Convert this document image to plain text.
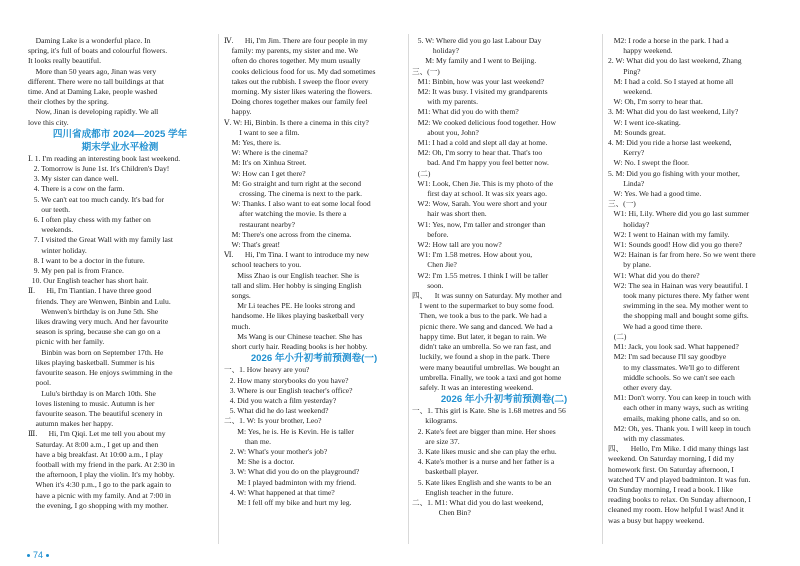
Daming Lake is a wonderful place. In
spring, it's full of boats and colourful flowers.
It looks really beautiful.
More than 50 years ago, Jinan was very
different. There were no tall buildings at that
time. And at Daming Lake, people washed
their clothes by the spring.
Now, Jinan is developing rapidly. We all
love this city.
四川省成都市 2024—2025 学年
期末学业水平检测
Ⅰ. 1. I'm reading an interesting book last weekend.
2. Tomorrow is June 1st. It's Children's Day!
3. My sister can dance well.
4. There is a cow on the farm.
5. We can't eat too much candy. It's bad for
our teeth.
6. I often play chess with my father on
weekends.
7. I visited the Great Wall with my family last
winter holiday.
8. I want to be a doctor in the future.
9. My pen pal is from France.
10. Our English teacher has short hair.
Ⅱ.      Hi, I'm Tiantian. I have three good
friends. They are Wenwen, Binbin and Lulu.
Wenwen's birthday is on June 5th. She
likes drawing very much. And her favourite
season is spring, because she can go on a
picnic with her family.
Binbin was born on September 17th. He
likes playing basketball. Summer is his
favourite season. He enjoys swimming in the
pool.
Lulu's birthday is on March 10th. She
loves listening to music. Autumn is her
favourite season. The beautiful scenery in
autumn makes her happy.
Ⅲ.      Hi, I'm Qiqi. Let me tell you about my
Saturday. At 8:00 a.m., I get up and then
have a big breakfast. At 10:00 a.m., I play
football with my friend in the park. At 2:30 in
the afternoon, I play the violin. It's my hobby.
When it's 4:30 p.m., I go to the park again to
have a picnic with my family. And at 7:00 in
the evening, I go shopping with my mother.
Ⅳ.      Hi, I'm Jim. There are four people in my
family: my parents, my sister and me. We
often do chores together. My mum usually
cooks delicious food for us. My dad sometimes
takes out the rubbish. I sweep the floor every
morning. My sister likes watering the flowers.
Doing chores together makes our family feel
happy.
Ⅴ. W: Hi, Binbin. Is there a cinema in this city?
I want to see a film.
M: Yes, there is.
W: Where is the cinema?
M: It's on Xinhua Street.
W: How can I get there?
M: Go straight and turn right at the second
crossing. The cinema is next to the park.
W: Thanks. I also want to eat some local food
after watching the movie. Is there a
restaurant nearby?
M: There's one across from the cinema.
W: That's great!
Ⅵ.      Hi, I'm Tina. I want to introduce my new
school teachers to you.
Miss Zhao is our English teacher. She is
tall and slim. Her hobby is singing English
songs.
Mr Li teaches PE. He looks strong and
handsome. He likes playing basketball very
much.
Ms Wang is our Chinese teacher. She has
short curly hair. Reading books is her hobby.
2026 年小升初考前预测卷(一)
一、1. How heavy are you?
2. How many storybooks do you have?
3. Where is our English teacher's office?
4. Did you watch a film yesterday?
5. What did he do last weekend?
二、1. W: Is your brother, Leo?
M: Yes, he is. He is Kevin. He is taller
than me.
2. W: What's your mother's job?
M: She is a doctor.
3. W: What did you do on the playground?
M: I played badminton with my friend.
4. W: What happened at that time?
M: I fell off my bike and hurt my leg.
5. W: Where did you go last Labour Day
holiday?
M: My family and I went to Beijing.
三、(一)
M1: Binbin, how was your last weekend?
M2: It was busy. I visited my grandparents
with my parents.
M1: What did you do with them?
M2: We cooked delicious food together. How
about you, John?
M1: I had a cold and slept all day at home.
M2: Oh, I'm sorry to hear that. That's too
bad. And I'm happy you feel better now.
(二)
W1: Look, Chen Jie. This is my photo of the
first day at school. It was six years ago.
W2: Wow, Sarah. You were short and your
hair was short then.
W1: Yes, now, I'm taller and stronger than
before.
W2: How tall are you now?
W1: I'm 1.58 metres. How about you,
Chen Jie?
W2: I'm 1.55 metres. I think I will be taller
soon.
四、    It was sunny on Saturday. My mother and
I went to the supermarket to buy some food.
Then, we took a bus to the park. We had a
picnic there. We sang and danced. We had a
happy time. But later, it began to rain. We
didn't take an umbrella. So we ran fast, and
luckily, we found a shop in the park. There
were many beautiful umbrellas. We bought an
umbrella. Finally, we took a taxi and got home
safely. It was an interesting weekend.
2026 年小升初考前预测卷(二)
一、1. This girl is Kate. She is 1.68 metres and 56
kilograms.
2. Kate's feet are bigger than mine. Her shoes
are size 37.
3. Kate likes music and she can play the erhu.
4. Kate's mother is a nurse and her father is a
basketball player.
5. Kate likes English and she wants to be an
English teacher in the future.
二、1. M1: What did you do last weekend,
Chen Bin?
M2: I rode a horse in the park. I had a
happy weekend.
2. W: What did you do last weekend, Zhang
Ping?
M: I had a cold. So I stayed at home all
weekend.
W: Oh, I'm sorry to hear that.
3. M: What did you do last weekend, Lily?
W: I went ice-skating.
M: Sounds great.
4. M: Did you ride a horse last weekend,
Kerry?
W: No. I swept the floor.
5. M: Did you go fishing with your mother,
Linda?
W: Yes. We had a good time.
三、(一)
W1: Hi, Lily. Where did you go last summer
holiday?
W2: I went to Hainan with my family.
W1: Sounds good! How did you go there?
W2: Hainan is far from here. So we went there
by plane.
W1: What did you do there?
W2: The sea in Hainan was very beautiful. I
took many pictures there. My father went
swimming in the sea. My mother went to
the shopping mall and bought some gifts.
We had a good time there.
(二)
M1: Jack, you look sad. What happened?
M2: I'm sad because I'll say goodbye
to my classmates. We'll go to different
middle schools. So we can't see each
other every day.
M1: Don't worry. You can keep in touch with
each other in many ways, such as writing
emails, making phone calls, and so on.
M2: Oh, yes. Thank you. I will keep in touch
with my classmates.
四、    Hello, I'm Mike. I did many things last
weekend. On Saturday morning, I did my
homework first. On Saturday afternoon, I
watched TV and played badminton. It was fun.
On Sunday morning, I read a book. I like
reading books to relax. On Sunday afternoon, I
cleaned my room. How helpful I was! And it
was a busy but happy weekend.
74
